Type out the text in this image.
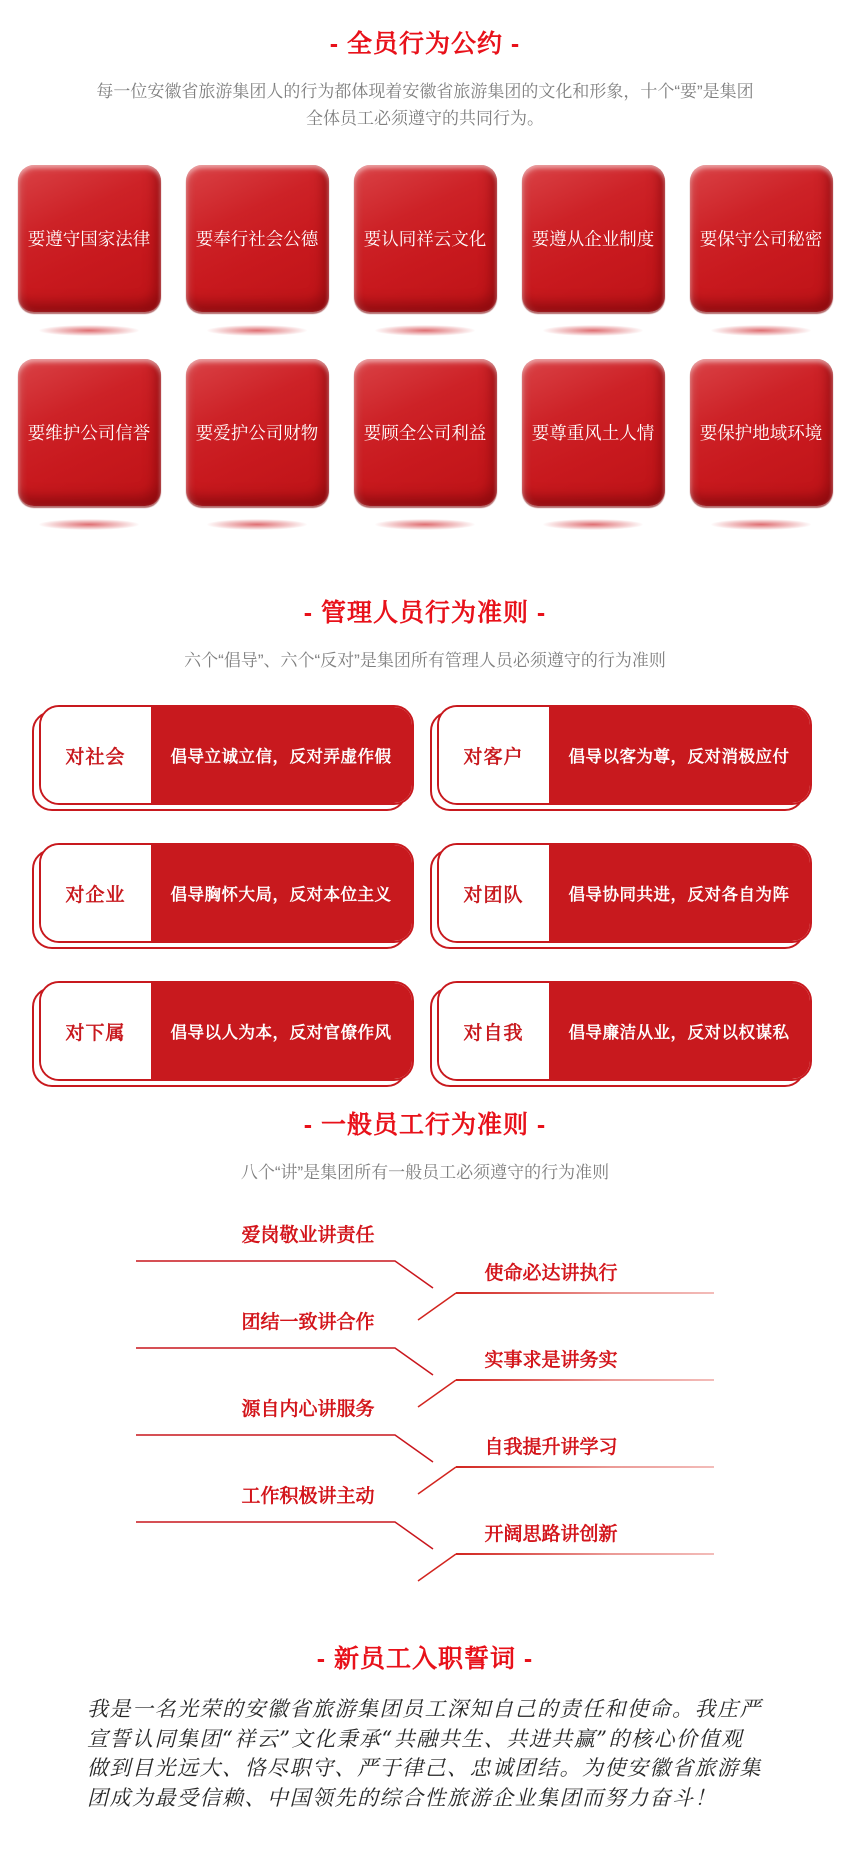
- 全员行为公约 -

每一位安徽省旅游集团人的行为都体现着安徽省旅游集团的文化和形象，十个“要”是集团全体员工必须遵守的共同行为。

要遵守国家法律	要奉行社会公德	要认同祥云文化	要遵从企业制度	要保守公司秘密
要维护公司信誉	要爱护公司财物	要顾全公司利益	要尊重风土人情	要保护地域环境
- 管理人员行为准则 -

六个“倡导”、六个“反对”是集团所有管理人员必须遵守的行为准则

对社会	倡导立诚立信，反对弄虚作假	对客户	倡导以客为尊，反对消极应付
对企业	倡导胸怀大局，反对本位主义	对团队	倡导协同共进，反对各自为阵
对下属	倡导以人为本，反对官僚作风	对自我	倡导廉洁从业，反对以权谋私
- 一般员工行为准则 -

八个“讲”是集团所有一般员工必须遵守的行为准则

爱岗敬业讲责任
使命必达讲执行
团结一致讲合作
实事求是讲务实
源自内心讲服务
自我提升讲学习
工作积极讲主动
开阔思路讲创新
- 新员工入职誓词 -

我是一名光荣的安徽省旅游集团员工深知自己的责任和使命。我庄严宣誓认同集团“祥云”文化秉承“共融共生、共进共赢”的核心价值观做到目光远大、恪尽职守、严于律己、忠诚团结。为使安徽省旅游集团成为最受信赖、中国领先的综合性旅游企业集团而努力奋斗！
